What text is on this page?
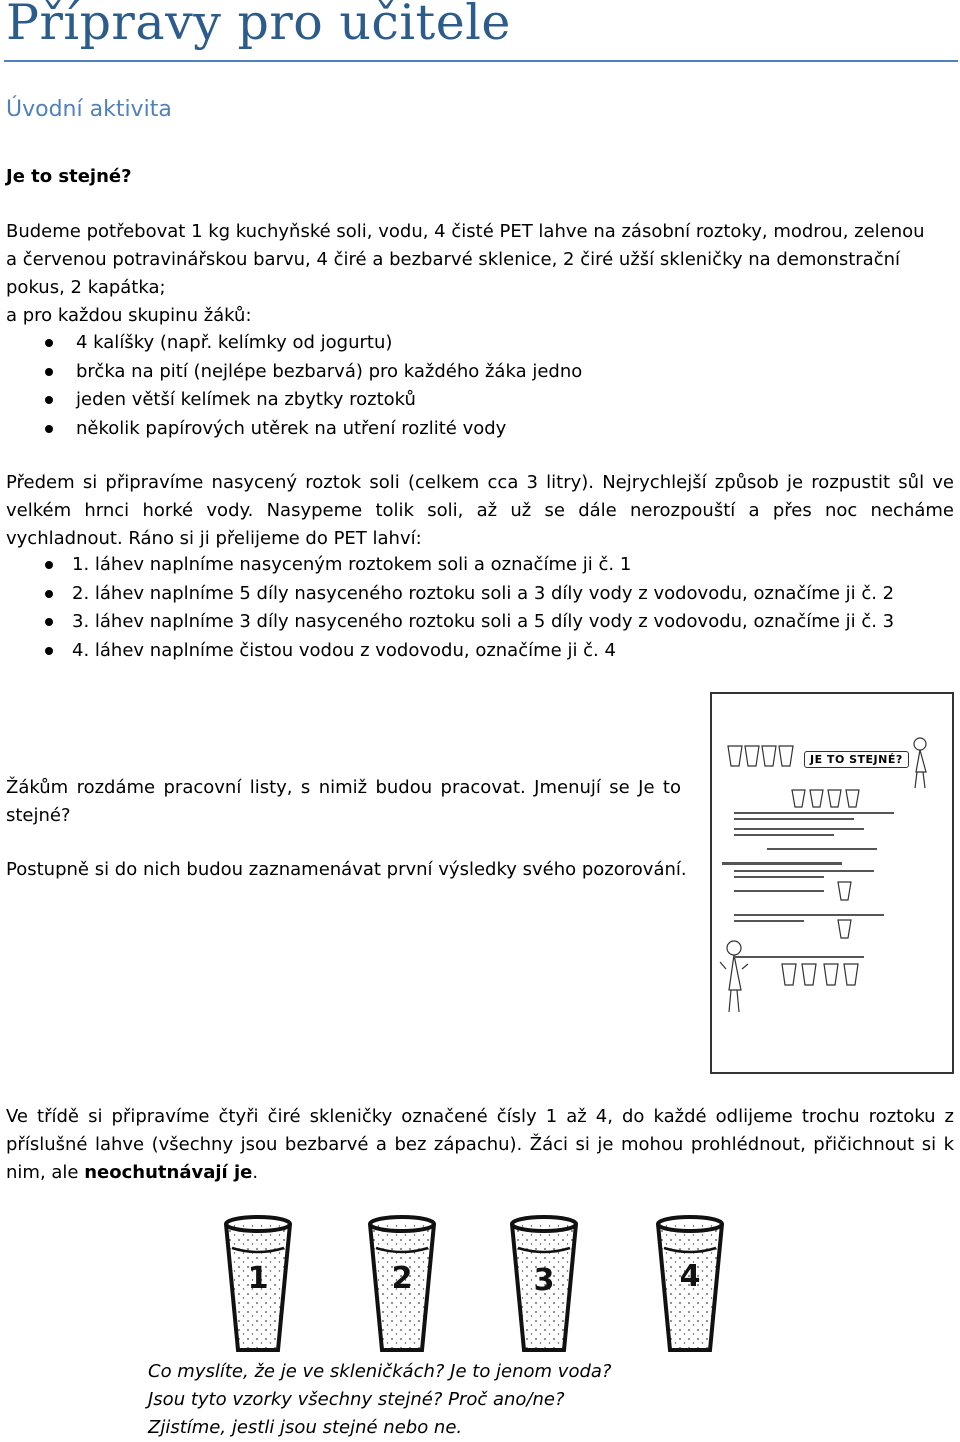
Přípravy pro učitele
Úvodní aktivita
Je to stejné?
Budeme potřebovat 1 kg kuchyňské soli, vodu, 4 čisté PET lahve na zásobní roztoky, modrou, zelenou
a červenou potravinářskou barvu, 4 čiré a bezbarvé sklenice, 2 čiré užší skleničky na demonstrační
pokus, 2 kapátka;
a pro každou skupinu žáků:
4 kalíšky (např. kelímky od jogurtu)
brčka na pití (nejlépe bezbarvá) pro každého žáka jedno
jeden větší kelímek na zbytky roztoků
několik papírových utěrek na utření rozlité vody

Předem si připravíme nasycený roztok soli (celkem cca 3 litry). Nejrychlejší způsob je rozpustit sůl ve velkém hrnci horké vody. Nasypeme tolik soli, až už se dále nerozpouští a přes noc necháme vychladnout. Ráno si ji přelijeme do PET lahví:

1. láhev naplníme nasyceným roztokem soli a označíme ji č. 1
2. láhev naplníme 5 díly nasyceného roztoku soli a 3 díly vody z vodovodu, označíme ji č. 2
3. láhev naplníme 3 díly nasyceného roztoku soli a 5 díly vody z vodovodu, označíme ji č. 3
4. láhev naplníme čistou vodou z vodovodu, označíme ji č. 4

Žákům rozdáme pracovní listy, s nimiž budou pracovat. Jmenují se Je to stejné?

Postupně si do nich budou zaznamenávat první výsledky svého pozorování.

JE TO STEJNÉ?

Ve třídě si připravíme čtyři čiré skleničky označené čísly 1 až 4, do každé odlijeme trochu roztoku z příslušné lahve (všechny jsou bezbarvé a bez zápachu). Žáci si je mohou prohlédnout, přičichnout si k nim, ale neochutnávají je.

1	2	3	4
Co myslíte, že je ve skleničkách? Je to jenom voda?
Jsou tyto vzorky všechny stejné? Proč ano/ne?
Zjistíme, jestli jsou stejné nebo ne.
